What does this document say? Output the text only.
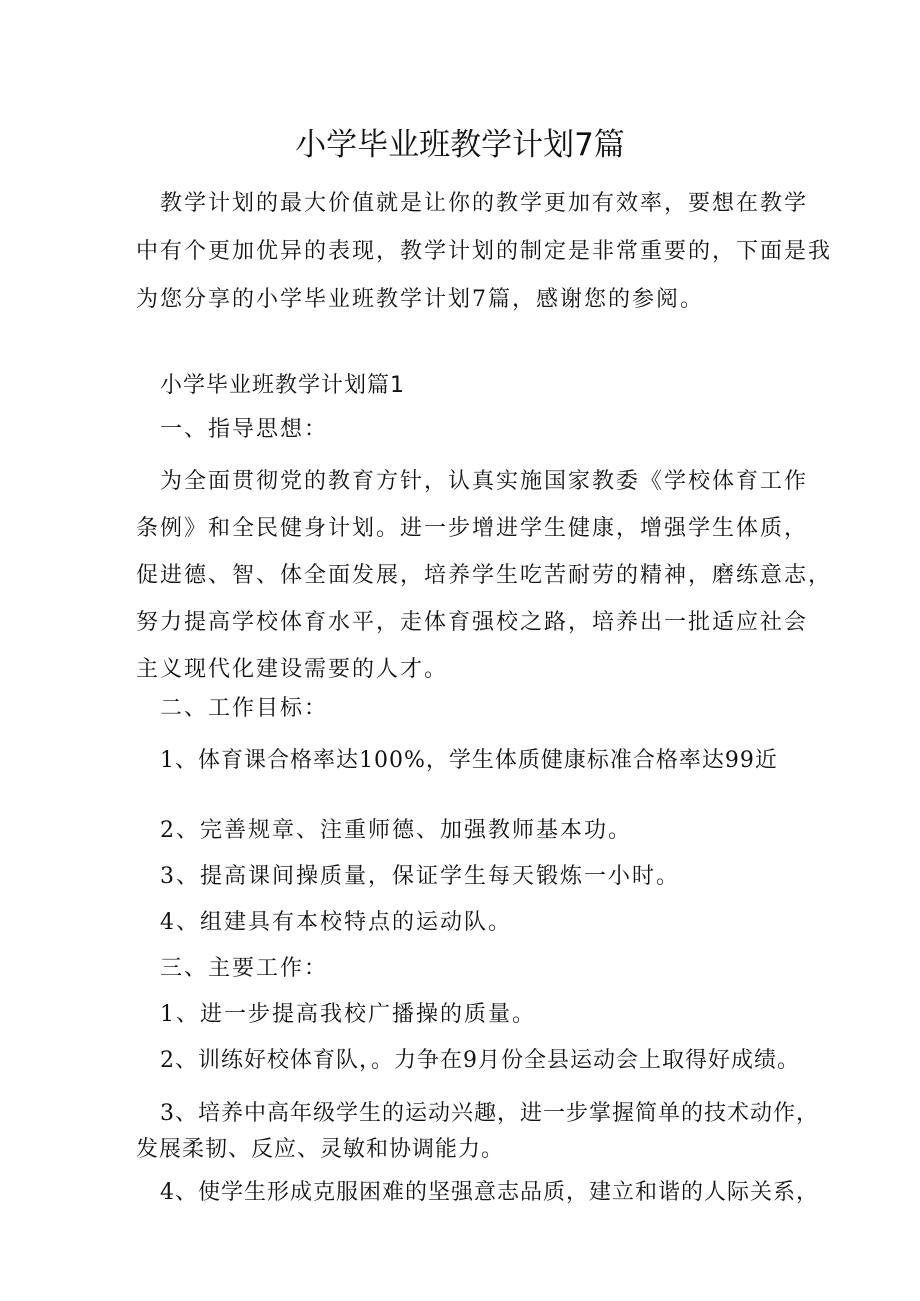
小学毕业班教学计划7篇
教学计划的最大价值就是让你的教学更加有效率，要想在教学
中有个更加优异的表现，教学计划的制定是非常重要的，下面是我
为您分享的小学毕业班教学计划7篇，感谢您的参阅。
小学毕业班教学计划篇1
一、指导思想：
为全面贯彻党的教育方针，认真实施国家教委《学校体育工作
条例》和全民健身计划。进一步增进学生健康，增强学生体质，
促进德、智、体全面发展，培养学生吃苦耐劳的精神，磨练意志，
努力提高学校体育水平，走体育强校之路，培养出一批适应社会
主义现代化建设需要的人才。
二、工作目标：
1、体育课合格率达100%，学生体质健康标准合格率达99近
2、完善规章、注重师德、加强教师基本功。
3、提高课间操质量，保证学生每天锻炼一小时。
4、组建具有本校特点的运动队。
三、主要工作：
1、进一步提高我校广播操的质量。
2、训练好校体育队，。力争在9月份全县运动会上取得好成绩。
3、培养中高年级学生的运动兴趣，进一步掌握简单的技术动作，
发展柔韧、反应、灵敏和协调能力。
4、使学生形成克服困难的坚强意志品质，建立和谐的人际关系，
